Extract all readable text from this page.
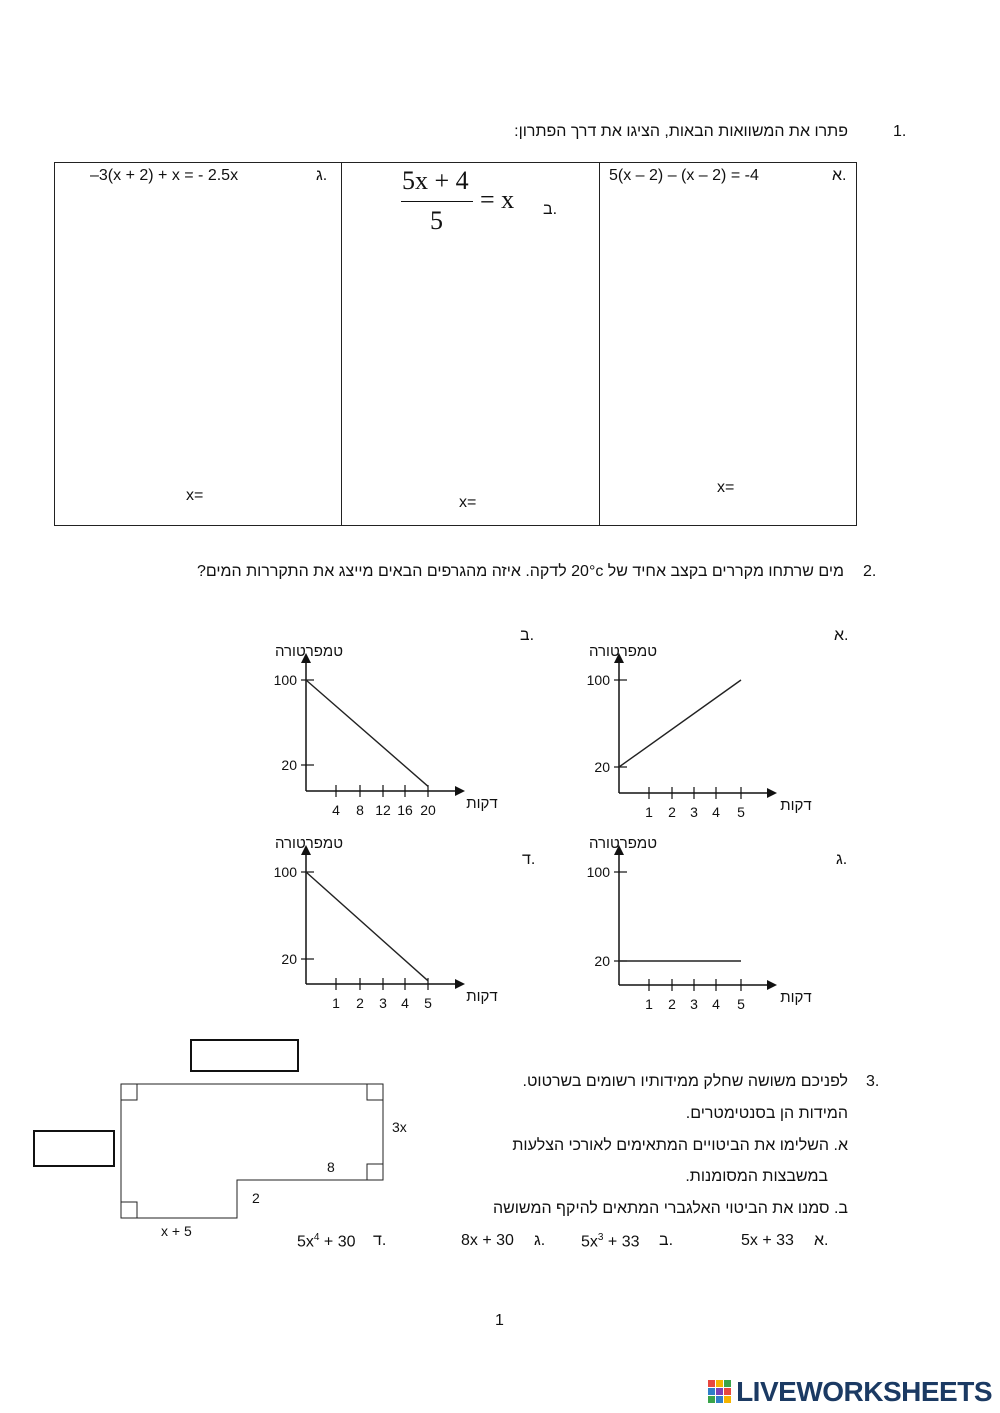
1.
פתרו את המשוואות הבאות, הציגו את דרך הפתרון:
א.
5(x – 2) – (x – 2) = -4
x=
ב.
5x + 4
5
= x
x=
ג.
–3(x + 2) + x = - 2.5x
x=
2.
מים שרתחו מקררים בקצב אחיד של 20°c לדקה. איזה מהגרפים הבאים מייצג את התקררות המים?
א.
ב.
ג.
ד.
100
20
1 2 3 4 5
טמפרטורה
דקות
100
20
4 8 12 16 20
טמפרטורה
דקות
100
20
1 2 3 4 5
טמפרטורה
דקות
100
20
1 2 3 4 5
טמפרטורה
דקות
3.
לפניכם משושה שחלק ממידותיו רשומים בשרטוט.
המידות הן בסנטימטרים.
א. השלימו את הביטויים המתאימים לאורכי הצלעות
במשבצות המסומנות.
ב. סמנו את הביטוי האלגברי המתאים להיקף המשושה
א.
5x + 33
ב.
$5x^3 + 33$
ג.
8x + 30
ד.
$5x^4 + 30$
3x
8
2
x + 5
1
LIVEWORKSHEETS
